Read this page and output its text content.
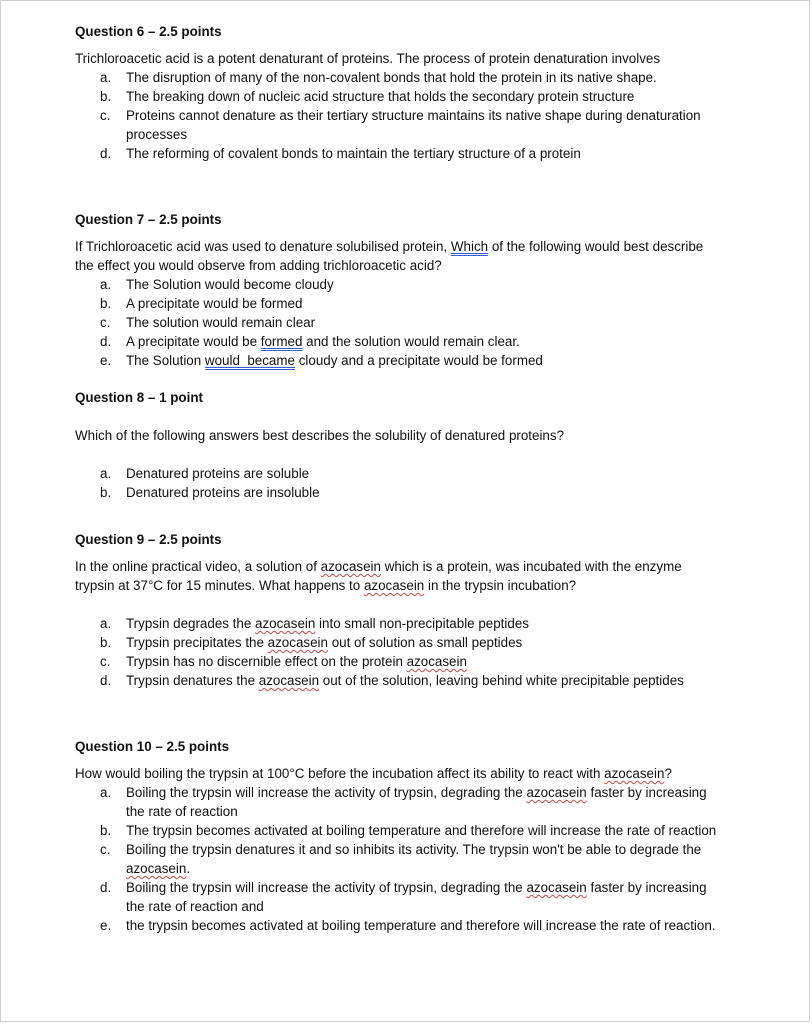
Question 6 – 2.5 points

Trichloroacetic acid is a potent denaturant of proteins. The process of protein denaturation involves

a.	The disruption of many of the non-covalent bonds that hold the protein in its native shape.
b.	The breaking down of nucleic acid structure that holds the secondary protein structure
c.	Proteins cannot denature as their tertiary structure maintains its native shape during denaturation processes
d.	The reforming of covalent bonds to maintain the tertiary structure of a protein
Question 7 – 2.5 points

If Trichloroacetic acid was used to denature solubilised protein, Which of the following would best describe the effect you would observe from adding trichloroacetic acid?

a.	The Solution would become cloudy
b.	A precipitate would be formed
c.	The solution would remain clear
d.	A precipitate would be formed and the solution would remain clear.
e.	The Solution would  became cloudy and a precipitate would be formed
Question 8 – 1 point

Which of the following answers best describes the solubility of denatured proteins?

a.	Denatured proteins are soluble
b.	Denatured proteins are insoluble
Question 9 – 2.5 points

In the online practical video, a solution of azocasein which is a protein, was incubated with the enzyme trypsin at 37°C for 15 minutes. What happens to azocasein in the trypsin incubation?

a.	Trypsin degrades the azocasein into small non-precipitable peptides
b.	Trypsin precipitates the azocasein out of solution as small peptides
c.	Trypsin has no discernible effect on the protein azocasein
d.	Trypsin denatures the azocasein out of the solution, leaving behind white precipitable peptides
Question 10 – 2.5 points

How would boiling the trypsin at 100°C before the incubation affect its ability to react with azocasein?

a.	Boiling the trypsin will increase the activity of trypsin, degrading the azocasein faster by increasing the rate of reaction
b.	The trypsin becomes activated at boiling temperature and therefore will increase the rate of reaction
c.	Boiling the trypsin denatures it and so inhibits its activity. The trypsin won't be able to degrade the azocasein.
d.	Boiling the trypsin will increase the activity of trypsin, degrading the azocasein faster by increasing the rate of reaction and
e.	the trypsin becomes activated at boiling temperature and therefore will increase the rate of reaction.
